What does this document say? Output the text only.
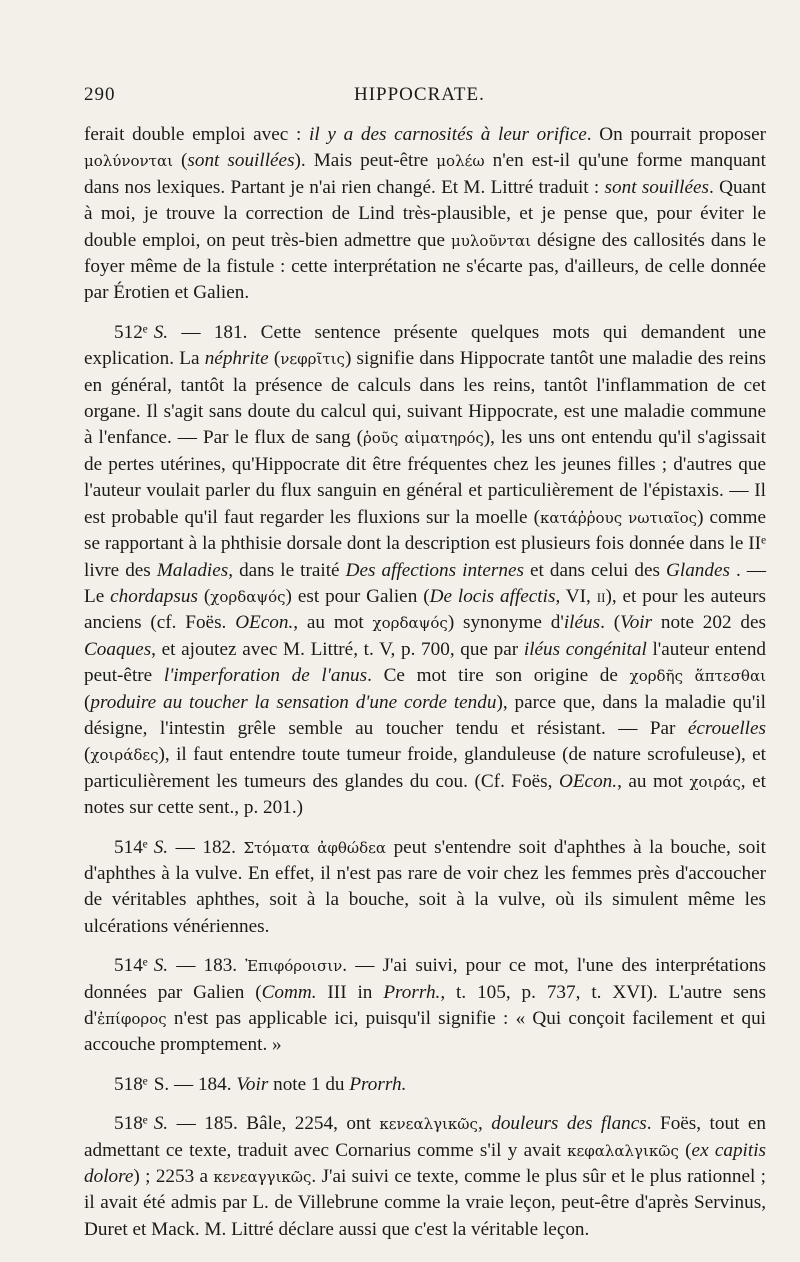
290	HIPPOCRATE.

ferait double emploi avec : il y a des carnosités à leur orifice. On pourrait proposer μολύνονται (sont souillées). Mais peut-être μολέω n'en est-il qu'une forme manquant dans nos lexiques. Partant je n'ai rien changé. Et M. Littré traduit : sont souillées. Quant à moi, je trouve la correction de Lind très-plausible, et je pense que, pour éviter le double emploi, on peut très-bien admettre que μυλοῦνται désigne des callosités dans le foyer même de la fistule : cette interprétation ne s'écarte pas, d'ailleurs, de celle donnée par Érotien et Galien.

512ᵉ S. — 181. Cette sentence présente quelques mots qui demandent une explication. La néphrite (νεφρῖτις) signifie dans Hippocrate tantôt une maladie des reins en général, tantôt la présence de calculs dans les reins, tantôt l'inflammation de cet organe. Il s'agit sans doute du calcul qui, suivant Hippocrate, est une maladie commune à l'enfance. — Par le flux de sang (ῥοῦς αἱματηρός), les uns ont entendu qu'il s'agissait de pertes utérines, qu'Hippocrate dit être fréquentes chez les jeunes filles ; d'autres que l'auteur voulait parler du flux sanguin en général et particulièrement de l'épistaxis. — Il est probable qu'il faut regarder les fluxions sur la moelle (κατάῤῥους νωτιαῖος) comme se rapportant à la phthisie dorsale dont la description est plusieurs fois donnée dans le IIᵉ livre des Maladies, dans le traité Des affections internes et dans celui des Glandes . — Le chordapsus (χορδαψός) est pour Galien (De locis affectis, VI, ii), et pour les auteurs anciens (cf. Foës. OEcon., au mot χορδαψός) synonyme d'iléus. (Voir note 202 des Coaques, et ajoutez avec M. Littré, t. V, p. 700, que par iléus congénital l'auteur entend peut-être l'imperforation de l'anus. Ce mot tire son origine de χορδῆς ἅπτεσθαι (produire au toucher la sensation d'une corde tendu), parce que, dans la maladie qu'il désigne, l'intestin grêle semble au toucher tendu et résistant. — Par écrouelles (χοιράδες), il faut entendre toute tumeur froide, glanduleuse (de nature scrofuleuse), et particulièrement les tumeurs des glandes du cou. (Cf. Foës, OEcon., au mot χοιράς, et notes sur cette sent., p. 201.)

514ᵉ S. — 182. Στόματα ἀφθώδεα peut s'entendre soit d'aphthes à la bouche, soit d'aphthes à la vulve. En effet, il n'est pas rare de voir chez les femmes près d'accoucher de véritables aphthes, soit à la bouche, soit à la vulve, où ils simulent même les ulcérations vénériennes.

514ᵉ S. — 183. Ἐπιφόροισιν. — J'ai suivi, pour ce mot, l'une des interprétations données par Galien (Comm. III in Prorrh., t. 105, p. 737, t. XVI). L'autre sens d'ἐπίφορος n'est pas applicable ici, puisqu'il signifie : « Qui conçoit facilement et qui accouche promptement. »

518ᵉ S. — 184. Voir note 1 du Prorrh.

518ᵉ S. — 185. Bâle, 2254, ont κενεαλγικῶς, douleurs des flancs. Foës, tout en admettant ce texte, traduit avec Cornarius comme s'il y avait κεφαλαλγικῶς (ex capitis dolore) ; 2253 a κενεαγγικῶς. J'ai suivi ce texte, comme le plus sûr et le plus rationnel ; il avait été admis par L. de Villebrune comme la vraie leçon, peut-être d'après Servinus, Duret et Mack. M. Littré déclare aussi que c'est la véritable leçon.
